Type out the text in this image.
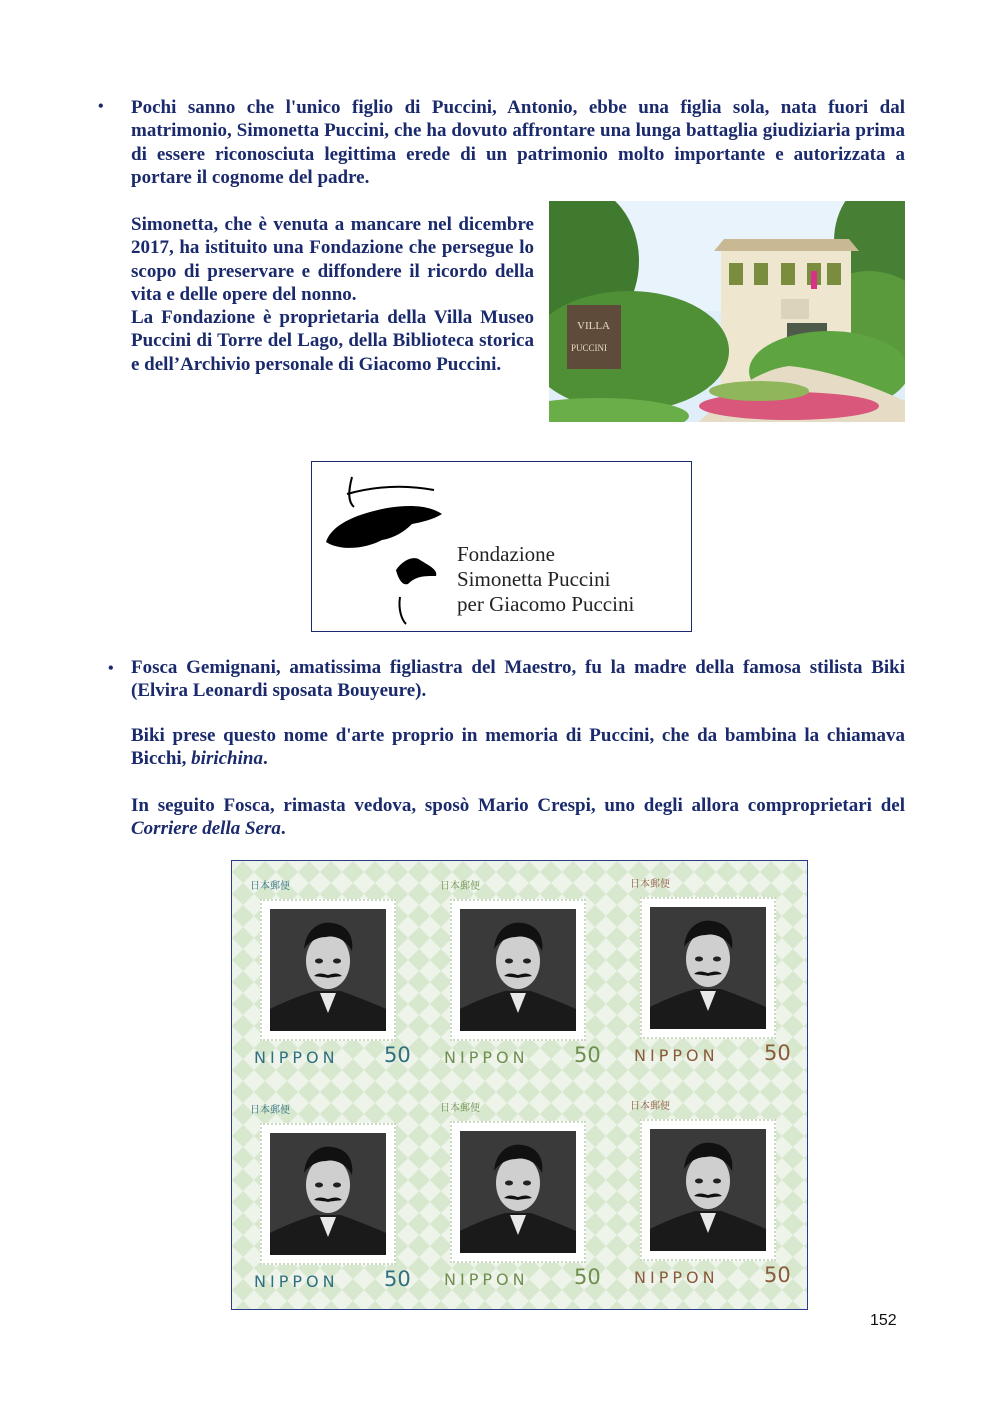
• Pochi sanno che l'unico figlio di Puccini, Antonio, ebbe una figlia sola, nata fuori dal matrimonio, Simonetta Puccini, che ha dovuto affrontare una lunga battaglia giudiziaria prima di essere riconosciuta legittima erede di un patrimonio molto importante e autorizzata a portare il cognome del padre.
Simonetta, che è venuta a mancare nel dicembre 2017, ha istituito una Fondazione che persegue lo scopo di preservare e diffondere il ricordo della vita e delle opere del nonno.
La Fondazione è proprietaria della Villa Museo Puccini di Torre del Lago, della Biblioteca storica e dell’Archivio personale di Giacomo Puccini.
VILLA
PUCCINI
Fondazione
Simonetta Puccini
per Giacomo Puccini
• Fosca Gemignani, amatissima figliastra del Maestro, fu la madre della famosa stilista Biki (Elvira Leonardi sposata Bouyeure).
Biki prese questo nome d'arte proprio in memoria di Puccini, che da bambina la chiamava Bicchi, birichina.
In seguito Fosca, rimasta vedova, sposò Mario Crespi, uno degli allora comproprietari del Corriere della Sera.
日本郵便
NIPPON 50
日本郵便
NIPPON 50
日本郵便
NIPPON 50
日本郵便
NIPPON 50
日本郵便
NIPPON 50
日本郵便
NIPPON 50
152
